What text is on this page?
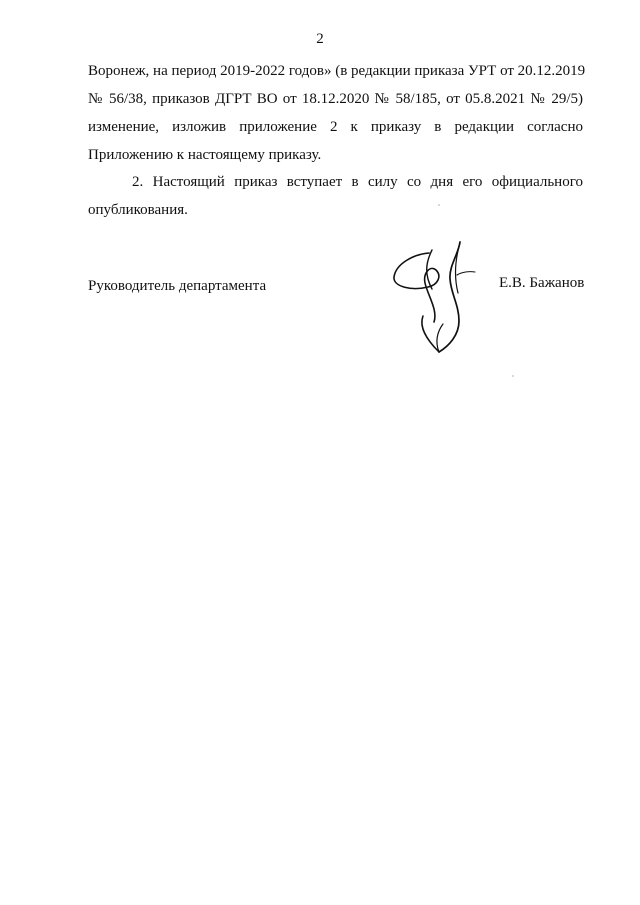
2
Воронеж, на период 2019-2022 годов» (в редакции приказа УРТ от 20.12.2019
№ 56/38, приказов ДГРТ ВО от 18.12.2020 № 58/185, от 05.8.2021 № 29/5)
изменение, изложив приложение 2 к приказу в редакции согласно
Приложению к настоящему приказу.
2. Настоящий приказ вступает в силу со дня его официального
опубликования.
Руководитель департамента	Е.В. Бажанов
